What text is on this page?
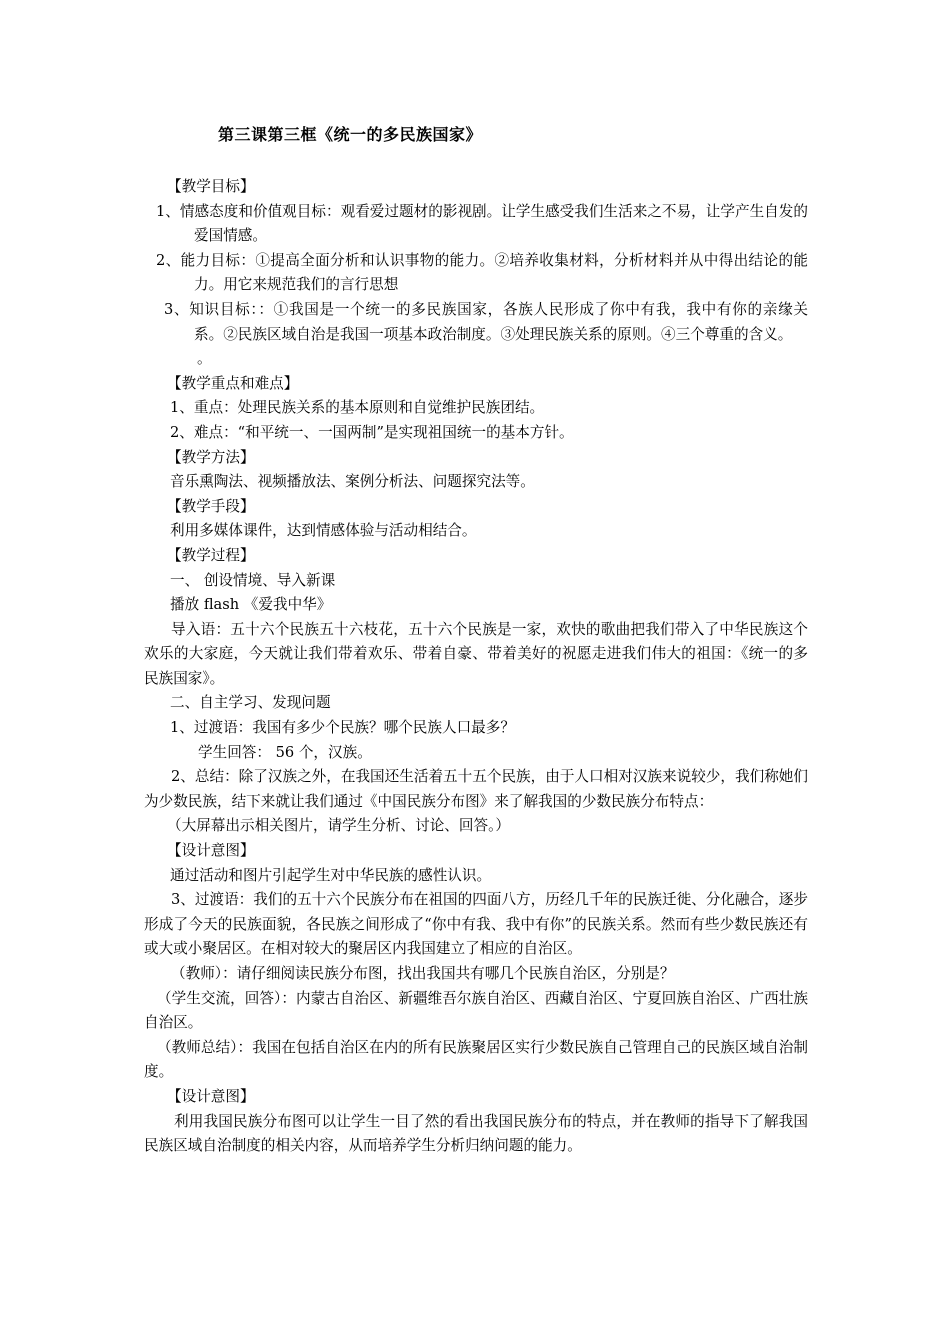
第三课第三框《统一的多民族国家》

【教学目标】

1、情感态度和价值观目标：观看爱过题材的影视剧。让学生感受我们生活来之不易，让学产生自发的爱国情感。

2、能力目标：①提高全面分析和认识事物的能力。②培养收集材料，分析材料并从中得出结论的能力。用它来规范我们的言行思想

3、知识目标：：①我国是一个统一的多民族国家，各族人民形成了你中有我，我中有你的亲缘关系。②民族区域自治是我国一项基本政治制度。③处理民族关系的原则。④三个尊重的含义。

。

【教学重点和难点】

1、重点：处理民族关系的基本原则和自觉维护民族团结。

2、难点：“和平统一、一国两制”是实现祖国统一的基本方针。

【教学方法】

音乐熏陶法、视频播放法、案例分析法、问题探究法等。

【教学手段】

利用多媒体课件，达到情感体验与活动相结合。

【教学过程】

一、 创设情境、导入新课

播放 flash 《爱我中华》

导入语：五十六个民族五十六枝花，五十六个民族是一家，欢快的歌曲把我们带入了中华民族这个欢乐的大家庭，今天就让我们带着欢乐、带着自豪、带着美好的祝愿走进我们伟大的祖国：《统一的多民族国家》。

二、自主学习、发现问题

1、过渡语：我国有多少个民族？哪个民族人口最多？

学生回答： 56 个，汉族。

2、总结：除了汉族之外，在我国还生活着五十五个民族，由于人口相对汉族来说较少，我们称她们为少数民族，结下来就让我们通过《中国民族分布图》来了解我国的少数民族分布特点：

（大屏幕出示相关图片，请学生分析、讨论、回答。）

【设计意图】

通过活动和图片引起学生对中华民族的感性认识。

3、过渡语：我们的五十六个民族分布在祖国的四面八方，历经几千年的民族迁徙、分化融合，逐步形成了今天的民族面貌，各民族之间形成了“你中有我、我中有你”的民族关系。然而有些少数民族还有或大或小聚居区。在相对较大的聚居区内我国建立了相应的自治区。

（教师）：请仔细阅读民族分布图，找出我国共有哪几个民族自治区，分别是？

（学生交流，回答）：内蒙古自治区、新疆维吾尔族自治区、西藏自治区、宁夏回族自治区、广西壮族自治区。

（教师总结）：我国在包括自治区在内的所有民族聚居区实行少数民族自己管理自己的民族区域自治制度。

【设计意图】

利用我国民族分布图可以让学生一目了然的看出我国民族分布的特点，并在教师的指导下了解我国民族区域自治制度的相关内容，从而培养学生分析归纳问题的能力。
